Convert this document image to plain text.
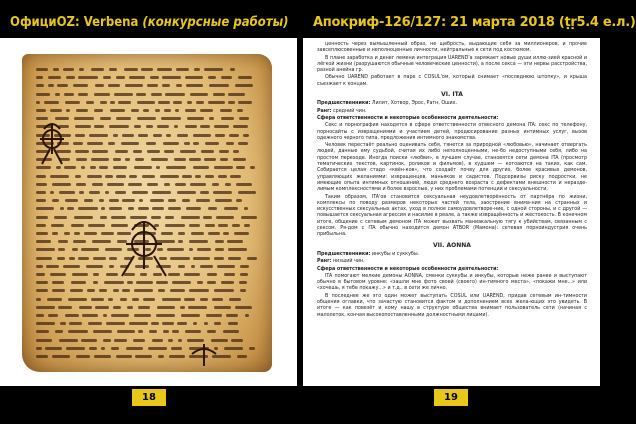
ОфициOZ: Verbena (конкурсные работы) Апокриф-126/127: 21 марта 2018 (ṭṛ5.4 е.л.)

ценность через вымышленный образ, не щебрость, выдающие себя за миллионеров, и прочие завсеплюсовенные и неполноценные личности, нейтральные к сети под костюмом.

В плане заработка и денег лемени интеграция UAREND'а заряжает новые души иллю-зией красной и лёгкой жизни (разрушаются обычные человеческие ценности), а после секса — эти нервы расстройства, разной анейна гр.

Обычно UAREND работает в паре с COSUL'ом, который снимает «последнюю штопку», и крыша съезжает к концам.

VI. ITA

Предшественники: Лилит, Хотвор, Эрос, Ратн, Оших.

Ранг: средний чин.

Сфера ответственности и некоторые особенности деятельности:

Секс и порнография находятся в сфере ответственности отвесного демона ITA: секс по телефону, порносайты с извращениями и участием детей, продюсирование разных интимных услуг, вызов одежного черного типа, предложения интимного знакомства.

Человек перестаёт реально оценивать себя, тянется за природной «любовью», начинает отвергать людей, данные ему судьбой, считая их либо неполноценными, не-бо недоступными себя, либо на простом переходе. Иногда поиски «любви», в лучшем случае, становятся сети демона ITA (просмотр тематических текстов, картинок, роликов и фильмов), в худшем — котоаются на таких, как сам. Собирается целая стадо «квён-ков», что создаёт почву для других, более красивых демонов, управляющих желаниями: извращенцев, маньяков и садистов. Подсервизы риску подростки, не имеющие опыта интимных отношений, люди среднего возраста с дефектами внешности и неразде-лимым комплексностями и более взрослые, у них проблемами потенции и сексуальности.

Таким образом, ITA'ов становится сексуальная неудовлетворённость от партнёра по жизни, комплексы по поводу размеров некоторых частей тела, заострение внима-ния на странных и искусственных сексуальных актах, уход в полное самоудовлетворе-ние, с одной стороны, и с другой — повышается сексуальная агрессия и насилие в реале, а также извращённость и жестокость. В конечном итоге, общение с сетевым демоном ITA может вызвать маниакальную тягу к убийствам, связанным с сексом. Ря-дом с ITA обычно находится демон ATBOR (Мамона): сетевая порноиндустрия очень прибыльна.

VII. AONNA

Предшественники: инкубы и суккубы.

Ранг: низший чин.

Сфера ответственности и некоторые особенности деятельности:

ITA помогают мелкие демоны AONNA, сменки суккубы и инкубы, которые неже ранее и выступают обычно в бытовом уровне: «зашли мне фото своей (своего) ин-тимного места», «покажи мне...» или «хочешь, я тебе покажу...» и т.д., в сети же лично.

В последнее же это один может выступать COSUL или UAREND, придав сетевым ин-тимности общения оглавки, что зачастую становится фактом и дополнением всех жела-ющих это увидеть. В итоге — как повезёт и кому нашу в структуре общества внимает пользователь сети (начиная с малолеток, кончая высокопоставленными должностными лицами).

18	19
